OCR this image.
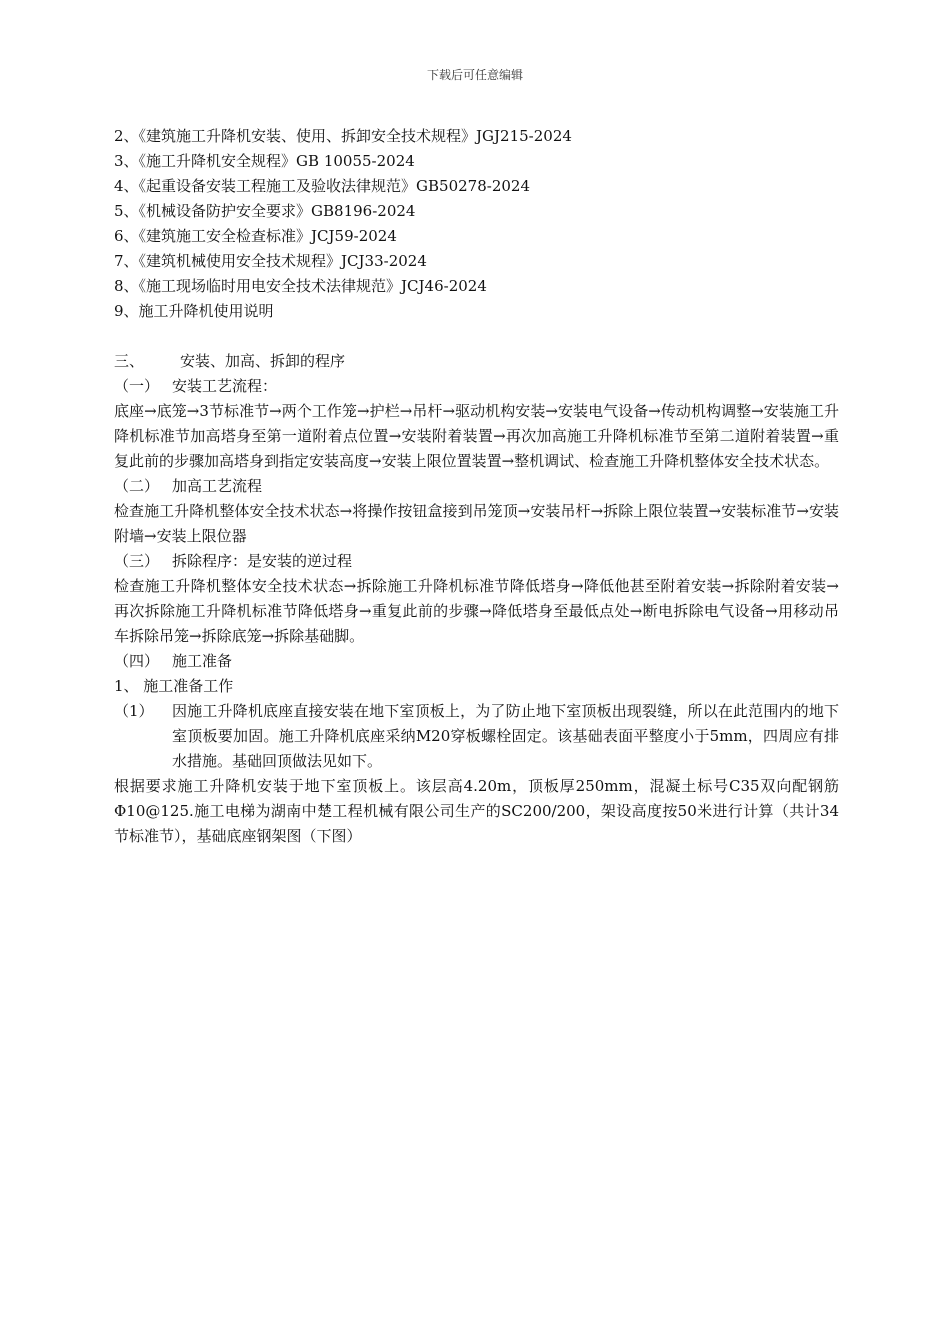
下载后可任意编辑
2、《建筑施工升降机安装、使用、拆卸安全技术规程》JGJ215-2024
3、《施工升降机安全规程》GB 10055-2024
4、《起重设备安装工程施工及验收法律规范》GB50278-2024
5、《机械设备防护安全要求》GB8196-2024
6、《建筑施工安全检查标准》JCJ59-2024
7、《建筑机械使用安全技术规程》JCJ33-2024
8、《施工现场临时用电安全技术法律规范》JCJ46-2024
9、施工升降机使用说明
三、 安装、加高、拆卸的程序
（一） 安装工艺流程：
底座→底笼→3节标准节→两个工作笼→护栏→吊杆→驱动机构安装→安装电气设备→传动机构调整→安装施工升降机标准节加高塔身至第一道附着点位置→安装附着装置→再次加高施工升降机标准节至第二道附着装置→重复此前的步骤加高塔身到指定安装高度→安装上限位置装置→整机调试、检查施工升降机整体安全技术状态。
（二） 加高工艺流程
检查施工升降机整体安全技术状态→将操作按钮盒接到吊笼顶→安装吊杆→拆除上限位装置→安装标准节→安装附墙→安装上限位器
（三） 拆除程序：是安装的逆过程
检查施工升降机整体安全技术状态→拆除施工升降机标准节降低塔身→降低他甚至附着安装→拆除附着安装→再次拆除施工升降机标准节降低塔身→重复此前的步骤→降低塔身至最低点处→断电拆除电气设备→用移动吊车拆除吊笼→拆除底笼→拆除基础脚。
（四） 施工准备
1、 施工准备工作
（1）	因施工升降机底座直接安装在地下室顶板上，为了防止地下室顶板出现裂缝，所以在此范围内的地下室顶板要加固。施工升降机底座采纳M20穿板螺栓固定。该基础表面平整度小于5mm，四周应有排水措施。基础回顶做法见如下。
根据要求施工升降机安装于地下室顶板上。该层高4.20m，顶板厚250mm，混凝土标号C35双向配钢筋Φ10@125.施工电梯为湖南中楚工程机械有限公司生产的SC200/200，架设高度按50米进行计算（共计34节标准节），基础底座钢架图（下图）
